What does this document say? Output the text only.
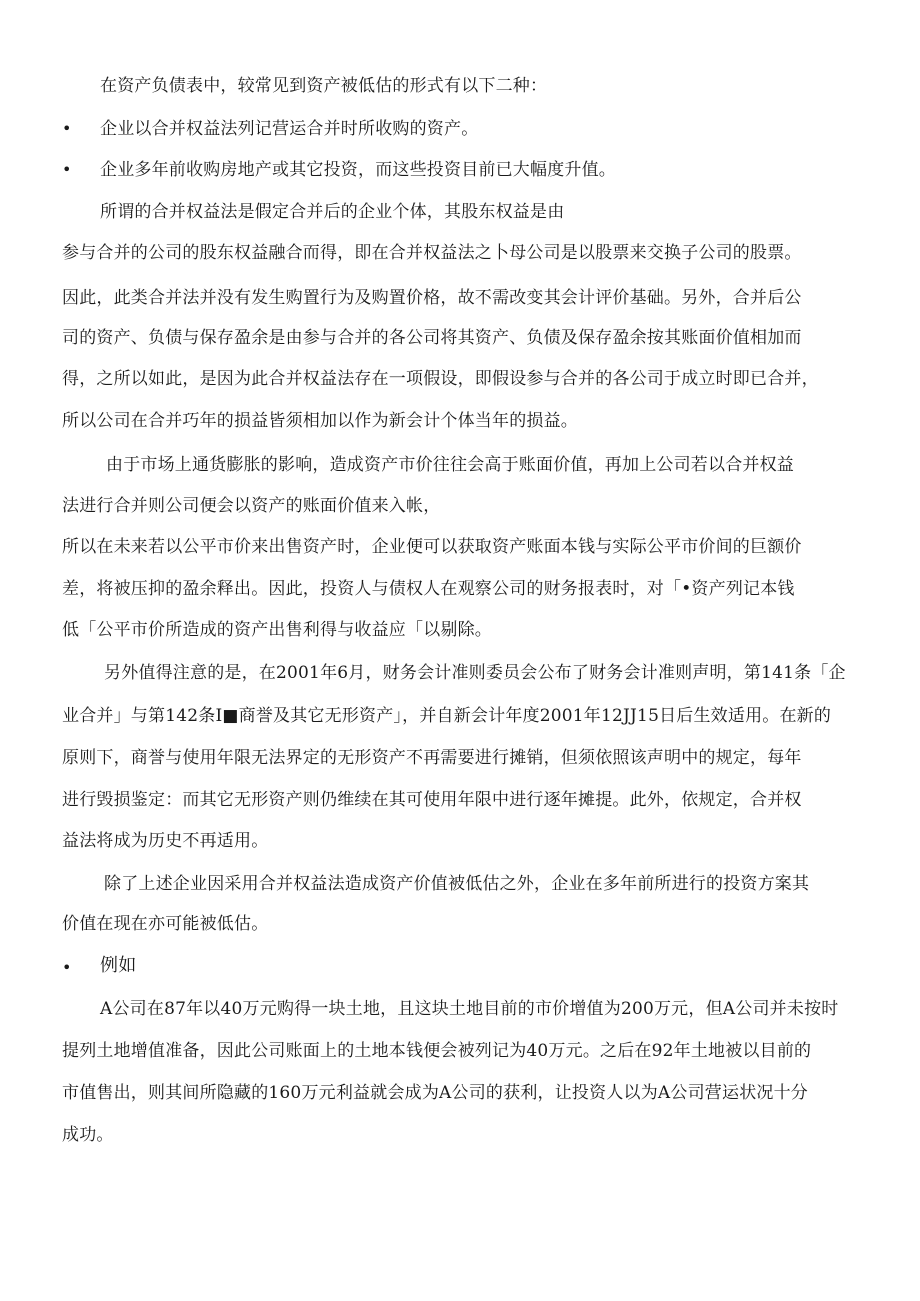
在资产负债表中，较常见到资产被低估的形式有以下二种：
• 企业以合并权益法列记营运合并时所收购的资产。
• 企业多年前收购房地产或其它投资，而这些投资目前已大幅度升值。
所谓的合并权益法是假定合并后的企业个体，其股东权益是由
参与合并的公司的股东权益融合而得，即在合并权益法之卜母公司是以股票来交换子公司的股票。
因此，此类合并法并没有发生购置行为及购置价格，故不需改变其会计评价基础。另外，合并后公
司的资产、负债与保存盈余是由参与合并的各公司将其资产、负债及保存盈余按其账面价值相加而
得，之所以如此，是因为此合并权益法存在一项假设，即假设参与合并的各公司于成立时即已合并，
所以公司在合并巧年的损益皆须相加以作为新会计个体当年的损益。
由于市场上通货膨胀的影响，造成资产市价往往会高于账面价值，再加上公司若以合并权益
法进行合并则公司便会以资产的账面价值来入帐，
所以在未来若以公平市价来出售资产时，企业便可以获取资产账面本钱与实际公平市价间的巨额价
差，将被压抑的盈余释出。因此，投资人与债权人在观察公司的财务报表时，对「•资产列记本钱
低「公平市价所造成的资产出售利得与收益应「以剔除。
另外值得注意的是，在2001年6月，财务会计准则委员会公布了财务会计准则声明，第141条「企
业合并」与第142条I■商誉及其它无形资产」，并自新会计年度2001年12JJ15日后生效适用。在新的
原则下，商誉与使用年限无法界定的无形资产不再需要进行摊销，但须依照该声明中的规定，每年
进行毁损鉴定：而其它无形资产则仍维续在其可使用年限中进行逐年摊提。此外，依规定，合并权
益法将成为历史不再适用。
除了上述企业因采用合并权益法造成资产价值被低估之外，企业在多年前所进行的投资方案其
价值在现在亦可能被低估。
• 例如
A公司在87年以40万元购得一块土地，且这块土地目前的市价增值为200万元，但A公司并未按时
提列土地增值准备，因此公司账面上的土地本钱便会被列记为40万元。之后在92年土地被以目前的
市值售出，则其间所隐藏的160万元利益就会成为A公司的获利，让投资人以为A公司营运状况十分
成功。
